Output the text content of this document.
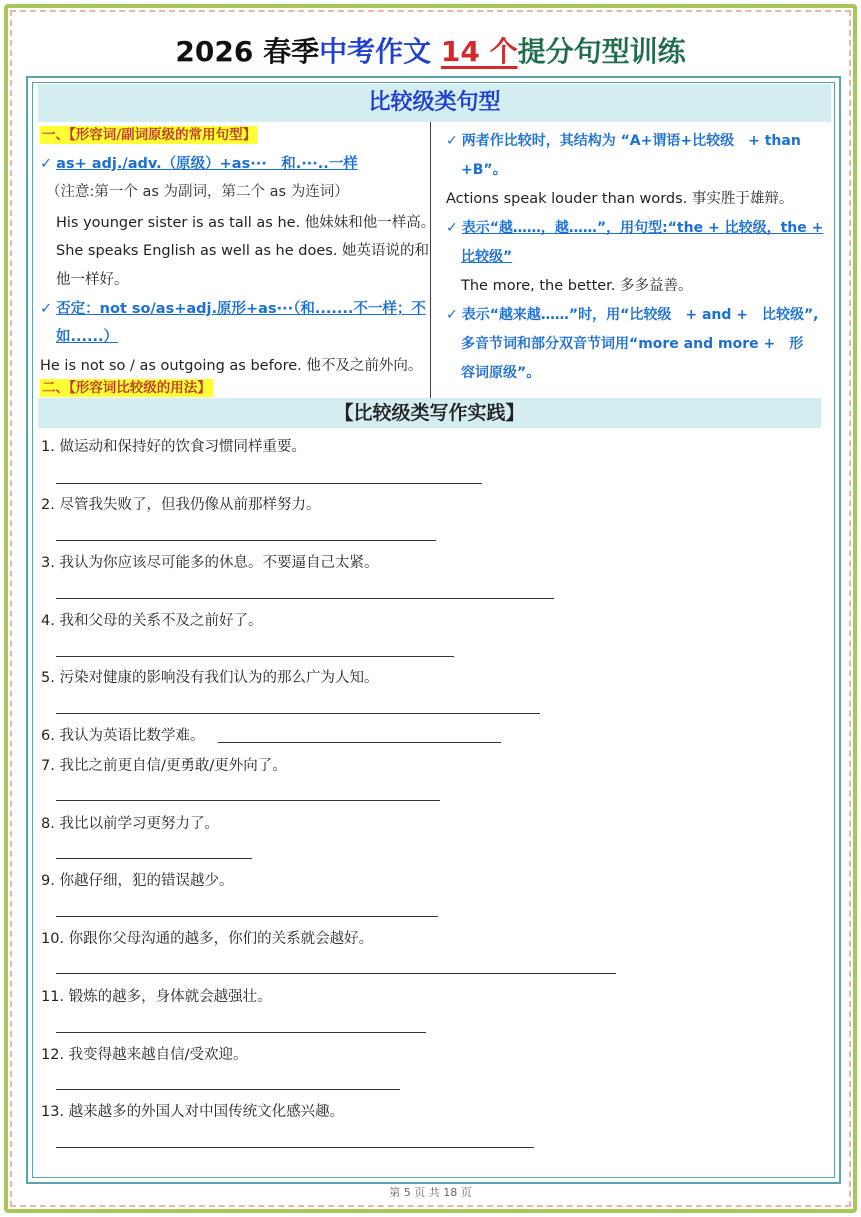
2026 春季中考作文 14 个提分句型训练
比较级类句型
一、【形容词/副词原级的常用句型】
✓ as+ adj./adv.（原级）+as···　和.···..一样
（注意:第一个 as 为副词，第二个 as 为连词）
His younger sister is as tall as he. 他妹妹和他一样高。
She speaks English as well as he does. 她英语说的和
他一样好。
✓ 否定：not so/as+adj.原形+as···（和.......不一样；不
如......）
He is not so / as outgoing as before. 他不及之前外向。
二、【形容词比较级的用法】
✓ 两者作比较时，其结构为 “A+谓语+比较级　+ than
+B”。
Actions speak louder than words. 事实胜于雄辩。
✓ 表示“越……，越……”，用句型:“the + 比较级，the +
比较级”
The more, the better. 多多益善。
✓ 表示“越来越……”时，用“比较级　+ and +　比较级”,
多音节词和部分双音节词用“more and more +　形
容词原级”。
【比较级类写作实践】
1. 做运动和保持好的饮食习惯同样重要。
2. 尽管我失败了，但我仍像从前那样努力。
3. 我认为你应该尽可能多的休息。不要逼自己太紧。
4. 我和父母的关系不及之前好了。
5. 污染对健康的影响没有我们认为的那么广为人知。
6. 我认为英语比数学难。
7. 我比之前更自信/更勇敢/更外向了。
8. 我比以前学习更努力了。
9. 你越仔细，犯的错误越少。
10. 你跟你父母沟通的越多，你们的关系就会越好。
11. 锻炼的越多，身体就会越强壮。
12. 我变得越来越自信/受欢迎。
13. 越来越多的外国人对中国传统文化感兴趣。
第 5 页 共 18 页
